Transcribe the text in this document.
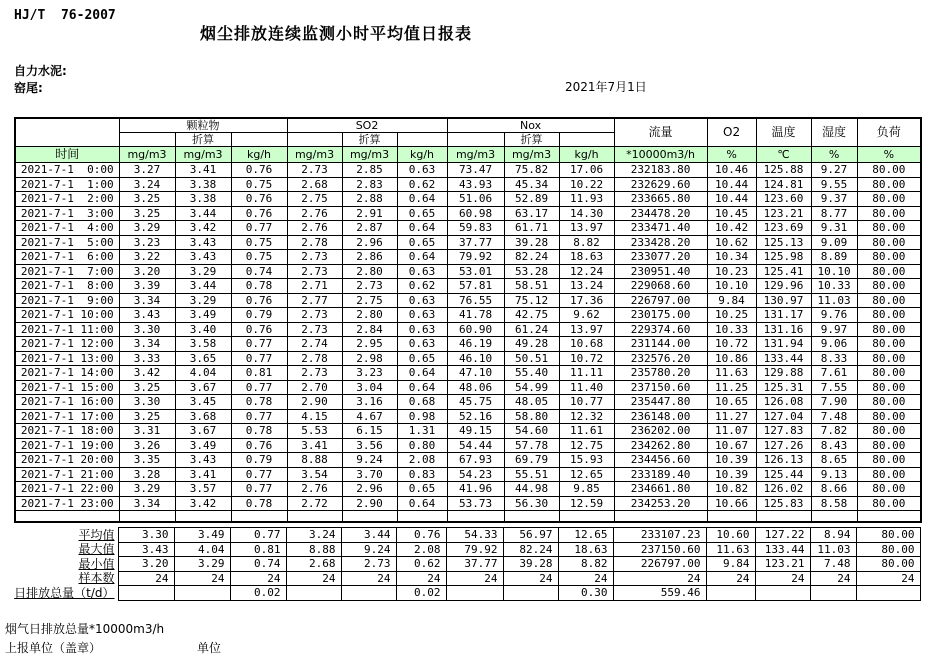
HJ/T  76-2007
烟尘排放连续监测小时平均值日报表
自力水泥:
窑尾:	2021年7月1日
	颗粒物			SO2			Nox			流量	O2	温度	湿度	负荷
		折算			折算			折算						
时间	mg/m3	mg/m3	kg/h	mg/m3	mg/m3	kg/h	mg/m3	mg/m3	kg/h	*10000m3/h	%	℃	%	%
2021-7-1  0:00	3.27	3.41	0.76	2.73	2.85	0.63	73.47	75.82	17.06	232183.80	10.46	125.88	9.27	80.00
2021-7-1  1:00	3.24	3.38	0.75	2.68	2.83	0.62	43.93	45.34	10.22	232629.60	10.44	124.81	9.55	80.00
2021-7-1  2:00	3.25	3.38	0.76	2.75	2.88	0.64	51.06	52.89	11.93	233665.80	10.44	123.60	9.37	80.00
2021-7-1  3:00	3.25	3.44	0.76	2.76	2.91	0.65	60.98	63.17	14.30	234478.20	10.45	123.21	8.77	80.00
2021-7-1  4:00	3.29	3.42	0.77	2.76	2.87	0.64	59.83	61.71	13.97	233471.40	10.42	123.69	9.31	80.00
2021-7-1  5:00	3.23	3.43	0.75	2.78	2.96	0.65	37.77	39.28	8.82	233428.20	10.62	125.13	9.09	80.00
2021-7-1  6:00	3.22	3.43	0.75	2.73	2.86	0.64	79.92	82.24	18.63	233077.20	10.34	125.98	8.89	80.00
2021-7-1  7:00	3.20	3.29	0.74	2.73	2.80	0.63	53.01	53.28	12.24	230951.40	10.23	125.41	10.10	80.00
2021-7-1  8:00	3.39	3.44	0.78	2.71	2.73	0.62	57.81	58.51	13.24	229068.60	10.10	129.96	10.33	80.00
2021-7-1  9:00	3.34	3.29	0.76	2.77	2.75	0.63	76.55	75.12	17.36	226797.00	9.84	130.97	11.03	80.00
2021-7-1 10:00	3.43	3.49	0.79	2.73	2.80	0.63	41.78	42.75	9.62	230175.00	10.25	131.17	9.76	80.00
2021-7-1 11:00	3.30	3.40	0.76	2.73	2.84	0.63	60.90	61.24	13.97	229374.60	10.33	131.16	9.97	80.00
2021-7-1 12:00	3.34	3.58	0.77	2.74	2.95	0.63	46.19	49.28	10.68	231144.00	10.72	131.94	9.06	80.00
2021-7-1 13:00	3.33	3.65	0.77	2.78	2.98	0.65	46.10	50.51	10.72	232576.20	10.86	133.44	8.33	80.00
2021-7-1 14:00	3.42	4.04	0.81	2.73	3.23	0.64	47.10	55.40	11.11	235780.20	11.63	129.88	7.61	80.00
2021-7-1 15:00	3.25	3.67	0.77	2.70	3.04	0.64	48.06	54.99	11.40	237150.60	11.25	125.31	7.55	80.00
2021-7-1 16:00	3.30	3.45	0.78	2.90	3.16	0.68	45.75	48.05	10.77	235447.80	10.65	126.08	7.90	80.00
2021-7-1 17:00	3.25	3.68	0.77	4.15	4.67	0.98	52.16	58.80	12.32	236148.00	11.27	127.04	7.48	80.00
2021-7-1 18:00	3.31	3.67	0.78	5.53	6.15	1.31	49.15	54.60	11.61	236202.00	11.07	127.83	7.82	80.00
2021-7-1 19:00	3.26	3.49	0.76	3.41	3.56	0.80	54.44	57.78	12.75	234262.80	10.67	127.26	8.43	80.00
2021-7-1 20:00	3.35	3.43	0.79	8.88	9.24	2.08	67.93	69.79	15.93	234456.60	10.39	126.13	8.65	80.00
2021-7-1 21:00	3.28	3.41	0.77	3.54	3.70	0.83	54.23	55.51	12.65	233189.40	10.39	125.44	9.13	80.00
2021-7-1 22:00	3.29	3.57	0.77	2.76	2.96	0.65	41.96	44.98	9.85	234661.80	10.82	126.02	8.66	80.00
2021-7-1 23:00	3.34	3.42	0.78	2.72	2.90	0.64	53.73	56.30	12.59	234253.20	10.66	125.83	8.58	80.00

平均值	3.30	3.49	0.77	3.24	3.44	0.76	54.33	56.97	12.65	233107.23	10.60	127.22	8.94	80.00

最大值	3.43	4.04	0.81	8.88	9.24	2.08	79.92	82.24	18.63	237150.60	11.63	133.44	11.03	80.00

最小值	3.20	3.29	0.74	2.68	2.73	0.62	37.77	39.28	8.82	226797.00	9.84	123.21	7.48	80.00

样本数	24	24	24	24	24	24	24	24	24	24	24	24	24	24

日排放总量（t/d）			0.02			0.02			0.30	559.46				
烟气日排放总量*10000m3/h
上报单位（盖章）	单位
